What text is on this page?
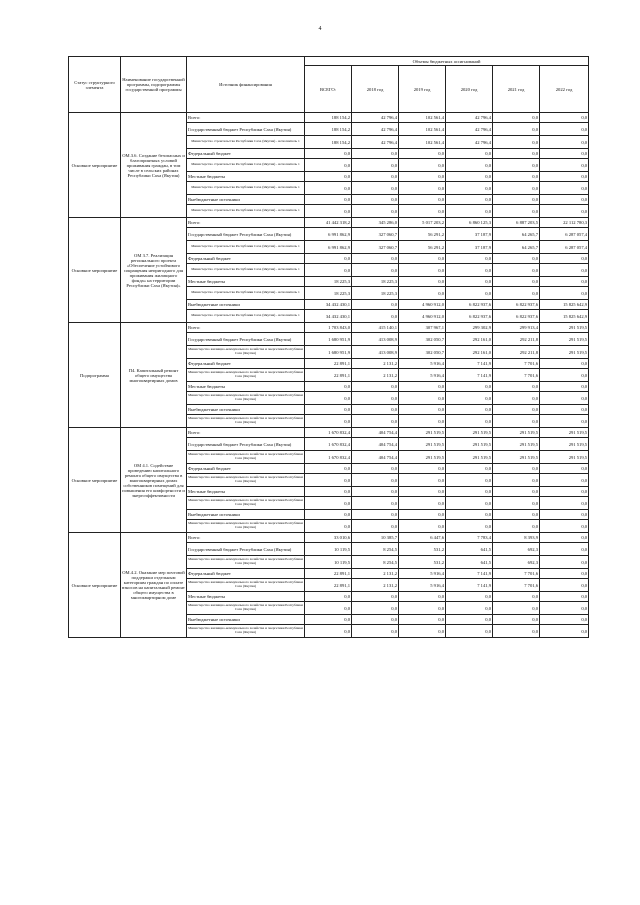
4
Статус структурного элемента	Наименование государственной программы, подпрограммы государственной программы	Источник финансирования	Объемы бюджетных ассигнований					
			ВСЕГО:	2018 год	2019 год	2020 год	2021 год	2022 год
Основное мероприятие	ОМ.3.6. Создание безопасных и благоприятных условий проживания граждан, в том числе в сельских районах Республики Саха (Якутия)	Всего:	188 154,2	42 796,4	102 561,4	42 796,4	0,0	0,0
		Государственный бюджет Республики Саха (Якутия)	188 154,2	42 796,4	102 561,4	42 796,4	0,0	0,0
		Министерство строительства Республики Саха (Якутия) - исполнитель 1	188 154,2	42 796,4	102 561,4	42 796,4	0,0	0,0
		Федеральный бюджет	0,0	0,0	0,0	0,0	0,0	0,0
		Министерство строительства Республики Саха (Якутия) - исполнитель 1	0,0	0,0	0,0	0,0	0,0	0,0
		Местные бюджеты	0,0	0,0	0,0	0,0	0,0	0,0
		Министерство строительства Республики Саха (Якутия) - исполнитель 1	0,0	0,0	0,0	0,0	0,0	0,0
		Внебюджетные источники	0,0	0,0	0,0	0,0	0,0	0,0
		Министерство строительства Республики Саха (Якутия) - исполнитель 1	0,0	0,0	0,0	0,0	0,0	0,0
Основное мероприятие	ОМ 3.7. Реализация регионального проекта «Обеспечение устойчивого сокращения непригодного для проживания жилищного фонда» на территории Республики Саха (Якутия)»	Всего:	41 442 318,2	345 286,0	5 017 203,2	6 860 125,3	6 887 203,5	22 112 780,3
		Государственный бюджет Республики Саха (Якутия)	6 991 862,9	327 060,7	56 291,2	37 187,9	64 265,7	6 287 057,4
		Министерство строительства Республики Саха (Якутия) - исполнитель 1	6 991 862,9	327 060,7	56 291,2	37 187,9	64 265,7	6 287 057,4
		Федеральный бюджет	0,0	0,0	0,0	0,0	0,0	0,0
		Министерство строительства Республики Саха (Якутия) - исполнитель 1	0,0	0,0	0,0	0,0	0,0	0,0
		Местные бюджеты	18 225,3	18 225,3	0,0	0,0	0,0	0,0
		Министерство строительства Республики Саха (Якутия) - исполнитель 1	18 225,3	18 225,3	0,0	0,0	0,0	0,0
		Внебюджетные источники	34 432 430,1	0,0	4 960 912,0	6 822 937,6	6 822 937,6	15 825 642,9
		Министерство строительства Республики Саха (Якутия) - исполнитель 1	34 432 430,1	0,0	4 960 912,0	6 822 937,6	6 822 937,6	15 825 642,9
Подпрограмма	П4. Капитальный ремонт общего имущества многоквартирных домов	Всего:	1 703 843,0	415 140,1	307 967,1	299 302,9	299 913,4	291 519,5
		Государственный бюджет Республики Саха (Якутия)	1 680 951,9	413 008,9	302 050,7	292 161,0	292 211,8	291 519,5
		Министерство жилищно-коммунального хозяйства и энергетики Республики Саха (Якутия)	1 680 951,9	413 008,9	302 050,7	292 161,0	292 211,8	291 519,5
		Федеральный бюджет	22 891,1	2 131,2	5 916,4	7 141,9	7 701,6	0,0
		Министерство жилищно-коммунального хозяйства и энергетики Республики Саха (Якутия)	22 891,1	2 131,2	5 916,4	7 141,9	7 701,6	0,0
		Местные бюджеты	0,0	0,0	0,0	0,0	0,0	0,0
		Министерство жилищно-коммунального хозяйства и энергетики Республики Саха (Якутия)	0,0	0,0	0,0	0,0	0,0	0,0
		Внебюджетные источники	0,0	0,0	0,0	0,0	0,0	0,0
		Министерство жилищно-коммунального хозяйства и энергетики Республики Саха (Якутия)	0,0	0,0	0,0	0,0	0,0	0,0
Основное мероприятие	ОМ 4.1. Содействие проведению капитального ремонта общего имущества в многоквартирных домах собственников помещений для повышения его комфортности и энергоэффективности	Всего:	1 670 832,4	404 754,4	291 519,5	291 519,5	291 519,5	291 519,5
		Государственный бюджет Республики Саха (Якутия)	1 670 832,4	404 754,4	291 519,5	291 519,5	291 519,5	291 519,5
		Министерство жилищно-коммунального хозяйства и энергетики Республики Саха (Якутия)	1 670 832,4	404 754,4	291 519,5	291 519,5	291 519,5	291 519,5
		Федеральный бюджет	0,0	0,0	0,0	0,0	0,0	0,0
		Министерство жилищно-коммунального хозяйства и энергетики Республики Саха (Якутия)	0,0	0,0	0,0	0,0	0,0	0,0
		Местные бюджеты	0,0	0,0	0,0	0,0	0,0	0,0
		Министерство жилищно-коммунального хозяйства и энергетики Республики Саха (Якутия)	0,0	0,0	0,0	0,0	0,0	0,0
		Внебюджетные источники	0,0	0,0	0,0	0,0	0,0	0,0
		Министерство жилищно-коммунального хозяйства и энергетики Республики Саха (Якутия)	0,0	0,0	0,0	0,0	0,0	0,0
Основное мероприятие	ОМ.4.2. Оказание мер почтовой поддержки отдельным категориям граждан по оплате взносов на капитальный ремонт общего имущества в многоквартирном доме	Всего:	33 010,6	10 385,7	6 447,6	7 783,4	8 393,9	0,0
		Государственный бюджет Республики Саха (Якутия)	10 119,5	8 254,5	531,2	641,5	692,3	0,0
		Министерство жилищно-коммунального хозяйства и энергетики Республики Саха (Якутия)	10 119,5	8 254,5	531,2	641,5	692,3	0,0
		Федеральный бюджет	22 891,1	2 131,2	5 916,4	7 141,9	7 701,6	0,0
		Министерство жилищно-коммунального хозяйства и энергетики Республики Саха (Якутия)	22 891,1	2 131,2	5 916,4	7 141,9	7 701,6	0,0
		Местные бюджеты	0,0	0,0	0,0	0,0	0,0	0,0
		Министерство жилищно-коммунального хозяйства и энергетики Республики Саха (Якутия)	0,0	0,0	0,0	0,0	0,0	0,0
		Внебюджетные источники	0,0	0,0	0,0	0,0	0,0	0,0
		Министерство жилищно-коммунального хозяйства и энергетики Республики Саха (Якутия)	0,0	0,0	0,0	0,0	0,0	0,0
